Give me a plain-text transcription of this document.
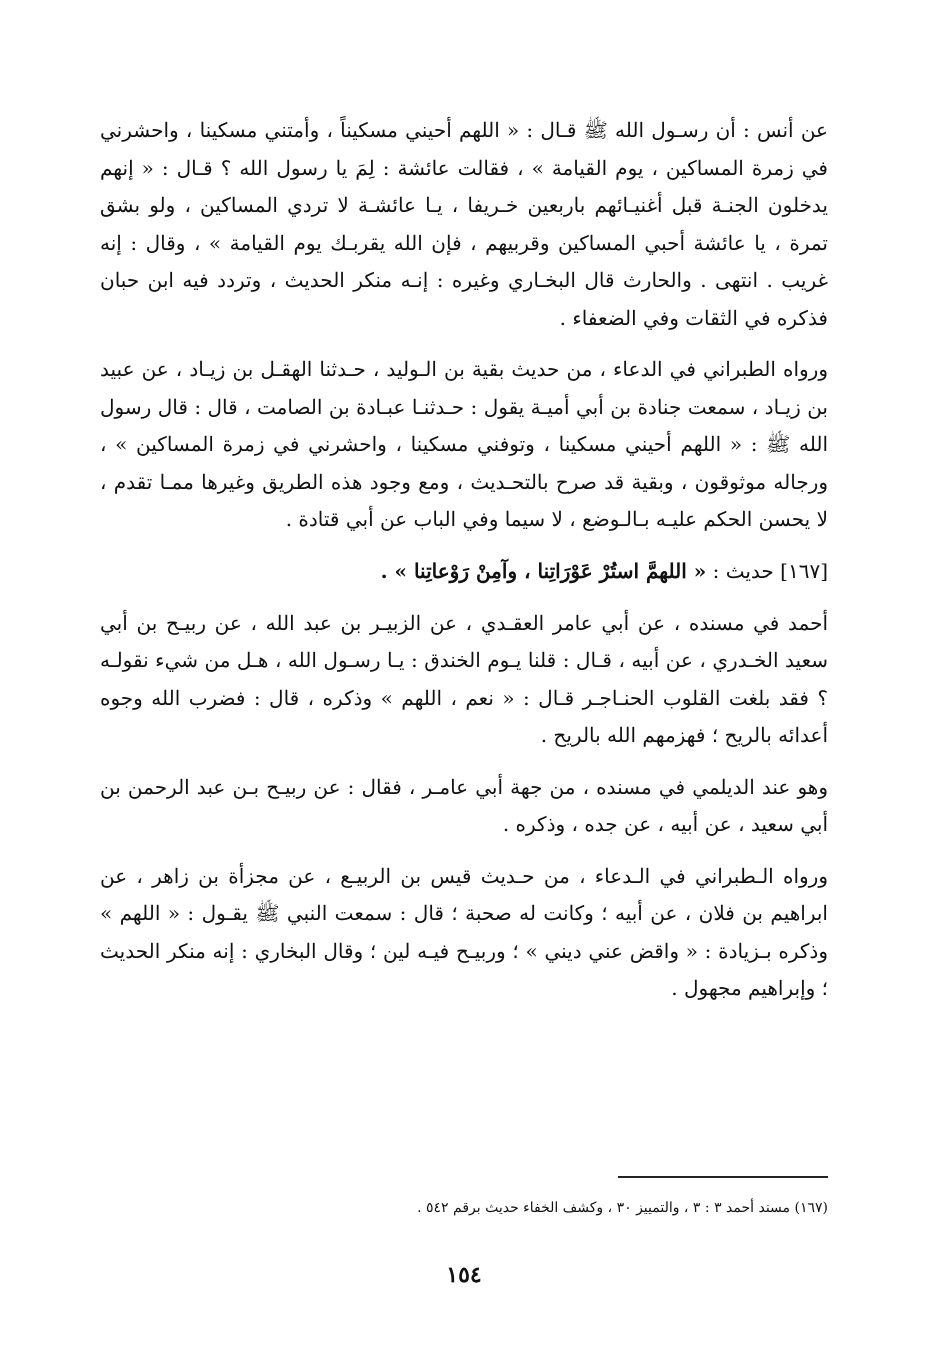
عن أنس : أن رسـول الله ﷺ قـال : « اللهم أحيني مسكيناً ، وأمتني مسكينا ، واحشرني في زمرة المساكين ، يوم القيامة » ، فقالت عائشة : لِمَ يا رسول الله ؟ قـال : « إنهم يدخلون الجنـة قبل أغنيـائهم باربعين خـريفا ، يـا عائشـة لا تردي المساكين ، ولو بشق تمرة ، يا عائشة أحبي المساكين وقربيهم ، فإن الله يقربـك يوم القيامة » ، وقال : إنه غريب . انتهى . والحارث قال البخـاري وغيره : إنـه منكر الحديث ، وتردد فيه ابن حبان فذكره في الثقات وفي الضعفاء .

ورواه الطبراني في الدعاء ، من حديث بقية بن الـوليد ، حـدثنا الهقـل بن زيـاد ، عن عبيد بن زيـاد ، سمعت جنادة بن أبي أميـة يقول : حـدثنـا عبـادة بن الصامت ، قال : قال رسول الله ﷺ : « اللهم أحيني مسكينا ، وتوفني مسكينا ، واحشرني في زمرة المساكين » ، ورجاله موثوقون ، وبقية قد صرح بالتحـديث ، ومع وجود هذه الطريق وغيرها ممـا تقدم ، لا يحسن الحكم عليـه بـالـوضع ، لا سيما وفي الباب عن أبي قتادة .

[١٦٧] حديث : « اللهمَّ استُرْ عَوْرَاتِنا ، وآمِنْ رَوْعاتِنا » .

أحمد في مسنده ، عن أبي عامر العقـدي ، عن الزبيـر بن عبد الله ، عن ربيـح بن أبي سعيد الخـدري ، عن أبيه ، قـال : قلنا يـوم الخندق : يـا رسـول الله ، هـل من شيء نقولـه ؟ فقد بلغت القلوب الحنـاجـر قـال : « نعم ، اللهم » وذكره ، قال : فضرب الله وجوه أعدائه بالريح ؛ فهزمهم الله بالريح .

وهو عند الديلمي في مسنده ، من جهة أبي عامـر ، فقال : عن ربيـح بـن عبد الرحمن بن أبي سعيد ، عن أبيه ، عن جده ، وذكره .

ورواه الـطبراني في الـدعاء ، من حـديث قيس بن الربيـع ، عن مجزأة بن زاهر ، عن ابراهيم بن فلان ، عن أبيه ؛ وكانت له صحبة ؛ قال : سمعت النبي ﷺ يقـول : « اللهم » وذكره بـزيادة : « واقض عني ديني » ؛ وربيـح فيـه لين ؛ وقال البخاري : إنه منكر الحديث ؛ وإبراهيم مجهول .

(١٦٧) مسند أحمد ٣ : ٣ ، والتمييز ٣٠ ، وكشف الخفاء حديث برقم ٥٤٢ .
١٥٤
